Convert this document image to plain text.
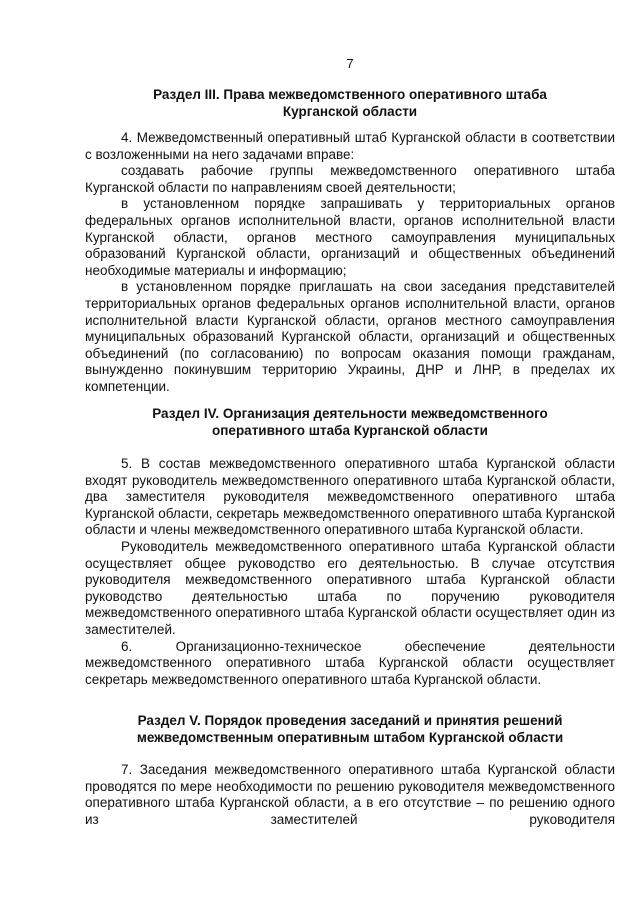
7
Раздел III. Права межведомственного оперативного штаба
Курганской области

4. Межведомственный оперативный штаб Курганской области в соответствии с возложенными на него задачами вправе:

создавать рабочие группы межведомственного оперативного штаба Курганской области по направлениям своей деятельности;

в установленном порядке запрашивать у территориальных органов федеральных органов исполнительной власти, органов исполнительной власти Курганской области, органов местного самоуправления муниципальных образований Курганской области, организаций и общественных объединений необходимые материалы и информацию;

в установленном порядке приглашать на свои заседания представителей территориальных органов федеральных органов исполнительной власти, органов исполнительной власти Курганской области, органов местного самоуправления муниципальных образований Курганской области, организаций и общественных объединений (по согласованию) по вопросам оказания помощи гражданам, вынужденно покинувшим территорию Украины, ДНР и ЛНР, в пределах их компетенции.

Раздел IV. Организация деятельности межведомственного
оперативного штаба Курганской области

5. В состав межведомственного оперативного штаба Курганской области входят руководитель межведомственного оперативного штаба Курганской области, два заместителя руководителя межведомственного оперативного штаба Курганской области, секретарь межведомственного оперативного штаба Курганской области и члены межведомственного оперативного штаба Курганской области.

Руководитель межведомственного оперативного штаба Курганской области осуществляет общее руководство его деятельностью. В случае отсутствия руководителя межведомственного оперативного штаба Курганской области руководство деятельностью штаба по поручению руководителя межведомственного оперативного штаба Курганской области осуществляет один из заместителей.

6. Организационно-техническое обеспечение деятельности межведомственного оперативного штаба Курганской области осуществляет секретарь межведомственного оперативного штаба Курганской области.

Раздел V. Порядок проведения заседаний и принятия решений
межведомственным оперативным штабом Курганской области

7. Заседания межведомственного оперативного штаба Курганской области проводятся по мере необходимости по решению руководителя межведомственного оперативного штаба Курганской области, а в его отсутствие – по решению одного из заместителей руководителя
